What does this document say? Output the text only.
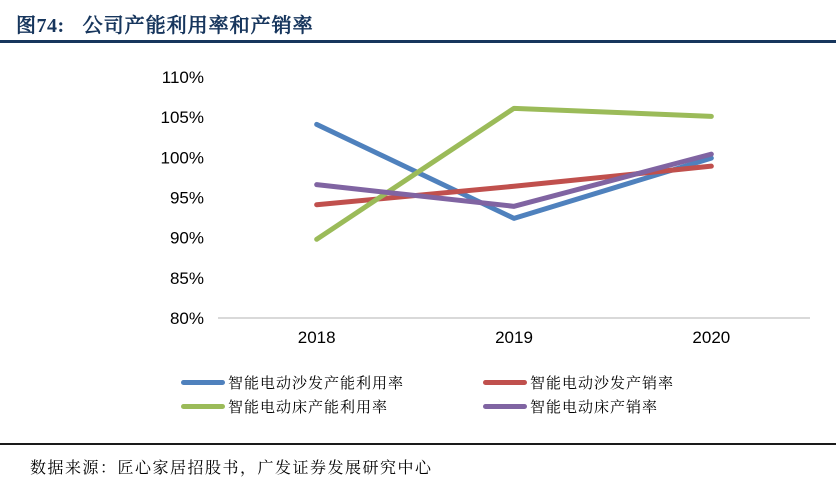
图74: 公司产能利用率和产销率
80%
85%
90%
95%
100%
105%
110%
2018	2019	2020
智能电动沙发产能利用率	智能电动沙发产销率
智能电动床产能利用率	智能电动床产销率
数据来源：匠心家居招股书，广发证券发展研究中心
